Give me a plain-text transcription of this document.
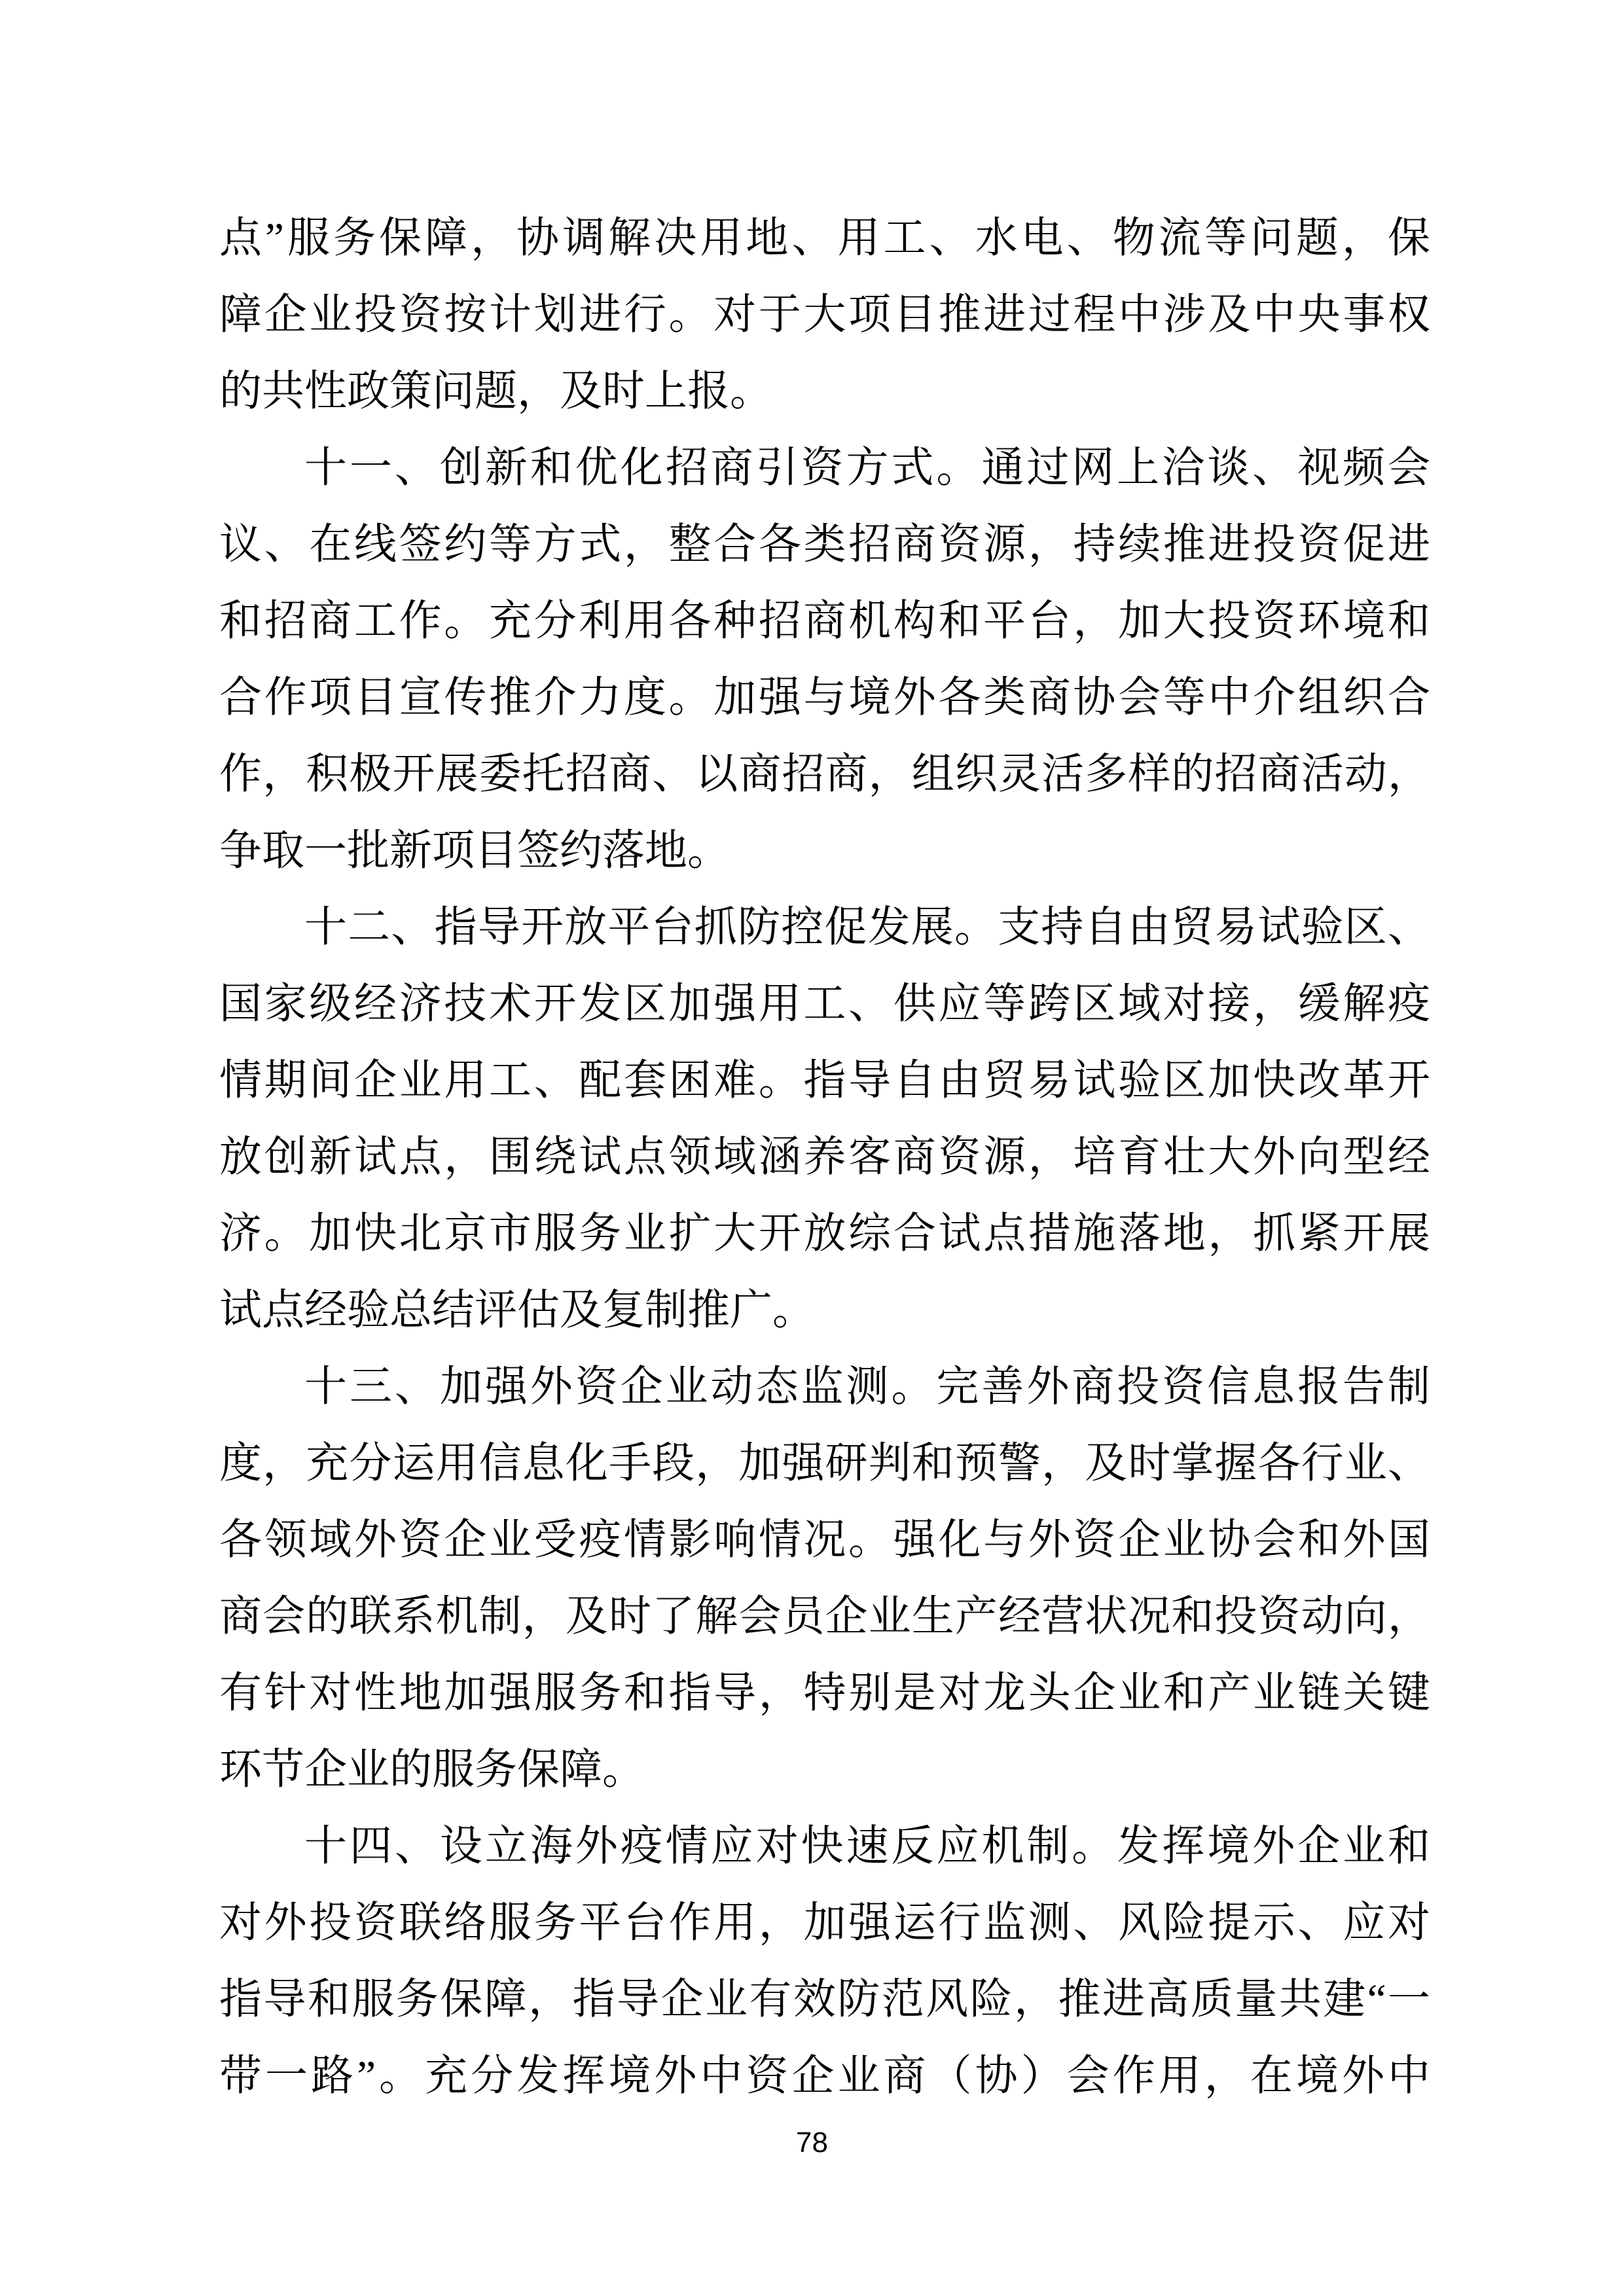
点”服务保障，协调解决用地、用工、水电、物流等问题，保
障企业投资按计划进行。对于大项目推进过程中涉及中央事权
的共性政策问题，及时上报。
十一、创新和优化招商引资方式。通过网上洽谈、视频会
议、在线签约等方式，整合各类招商资源，持续推进投资促进
和招商工作。充分利用各种招商机构和平台，加大投资环境和
合作项目宣传推介力度。加强与境外各类商协会等中介组织合
作，积极开展委托招商、以商招商，组织灵活多样的招商活动，
争取一批新项目签约落地。
十二、指导开放平台抓防控促发展。支持自由贸易试验区、
国家级经济技术开发区加强用工、供应等跨区域对接，缓解疫
情期间企业用工、配套困难。指导自由贸易试验区加快改革开
放创新试点，围绕试点领域涵养客商资源，培育壮大外向型经
济。加快北京市服务业扩大开放综合试点措施落地，抓紧开展
试点经验总结评估及复制推广。
十三、加强外资企业动态监测。完善外商投资信息报告制
度，充分运用信息化手段，加强研判和预警，及时掌握各行业、
各领域外资企业受疫情影响情况。强化与外资企业协会和外国
商会的联系机制，及时了解会员企业生产经营状况和投资动向，
有针对性地加强服务和指导，特别是对龙头企业和产业链关键
环节企业的服务保障。
十四、设立海外疫情应对快速反应机制。发挥境外企业和
对外投资联络服务平台作用，加强运行监测、风险提示、应对
指导和服务保障，指导企业有效防范风险，推进高质量共建“一
带一路”。充分发挥境外中资企业商（协）会作用，在境外中
78
